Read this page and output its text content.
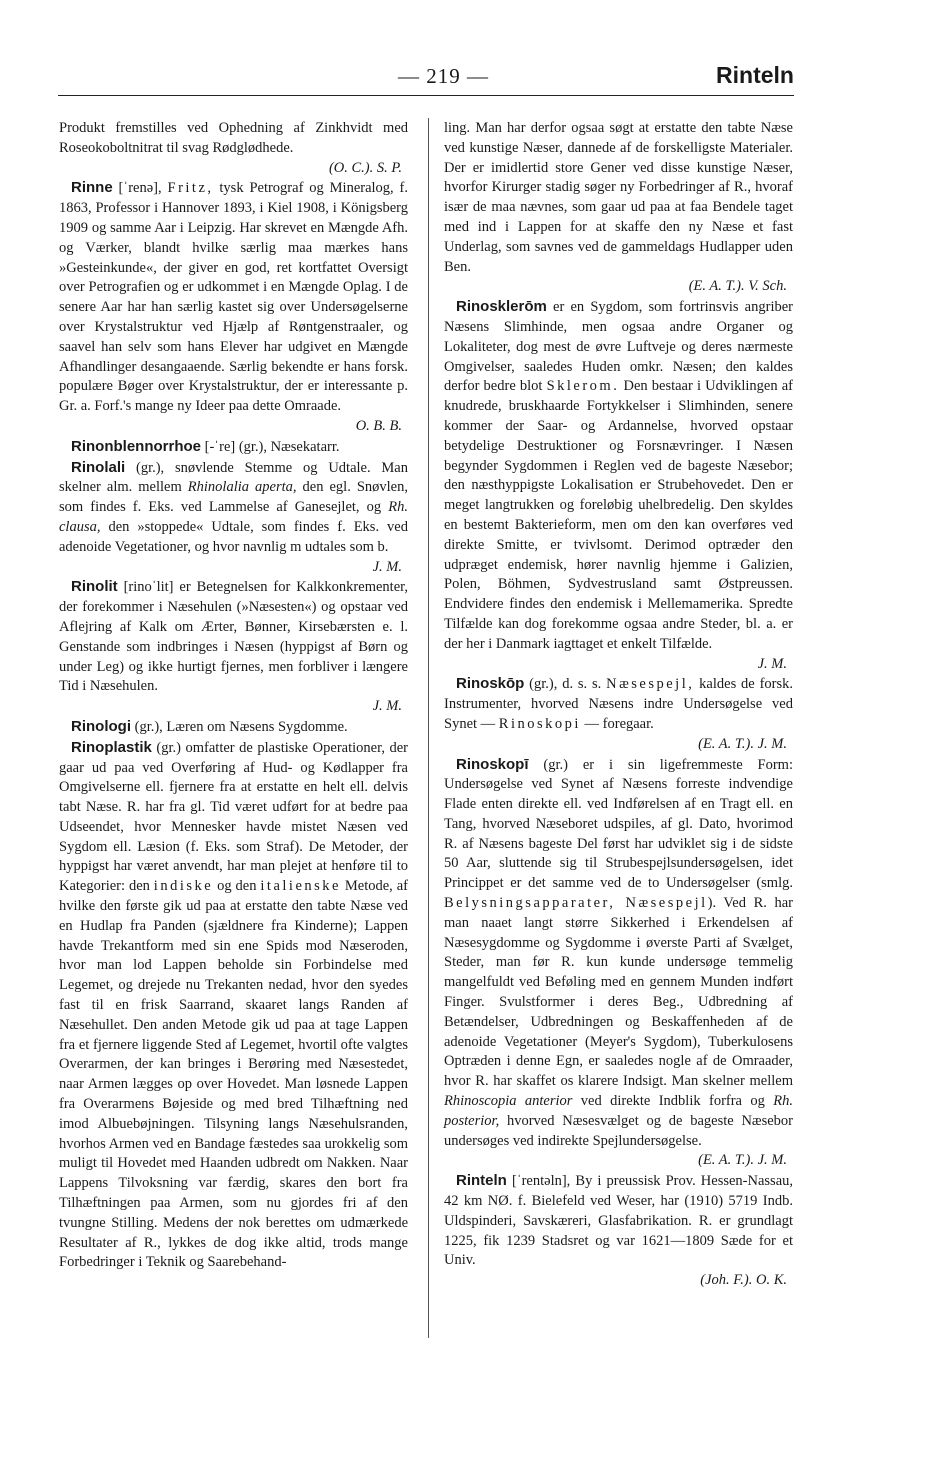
— 219 —	Rinteln

Produkt fremstilles ved Ophedning af Zinkhvidt med Roseokoboltnitrat til svag Rødglødhede.
(O. C.). S. P.

Rinne [ˈrenə], Fritz, tysk Petrograf og Mineralog, f. 1863, Professor i Hannover 1893, i Kiel 1908, i Königsberg 1909 og samme Aar i Leipzig. Har skrevet en Mængde Afh. og Værker, blandt hvilke særlig maa mærkes hans »Gesteinkunde«, der giver en god, ret kortfattet Oversigt over Petrografien og er udkommet i en Mængde Oplag. I de senere Aar har han særlig kastet sig over Undersøgelserne over Krystalstruktur ved Hjælp af Røntgenstraaler, og saavel han selv som hans Elever har udgivet en Mængde Afhandlinger desangaaende. Særlig bekendte er hans forsk. populære Bøger over Krystalstruktur, der er interessante p. Gr. a. Forf.'s mange ny Ideer paa dette Omraade.
O. B. B.

Rinonblennorrhoe [-ˈre] (gr.), Næsekatarr.

Rinolali (gr.), snøvlende Stemme og Udtale. Man skelner alm. mellem Rhinolalia aperta, den egl. Snøvlen, som findes f. Eks. ved Lammelse af Ganesejlet, og Rh. clausa, den »stoppede« Udtale, som findes f. Eks. ved adenoide Vegetationer, og hvor navnlig m udtales som b.
J. M.

Rinolit [rinoˈlit] er Betegnelsen for Kalkkonkrementer, der forekommer i Næsehulen (»Næsesten«) og opstaar ved Aflejring af Kalk om Ærter, Bønner, Kirsebærsten e. l. Genstande som indbringes i Næsen (hyppigst af Børn og under Leg) og ikke hurtigt fjernes, men forbliver i længere Tid i Næsehulen.
J. M.

Rinologi (gr.), Læren om Næsens Sygdomme.

Rinoplastik (gr.) omfatter de plastiske Operationer, der gaar ud paa ved Overføring af Hud- og Kødlapper fra Omgivelserne ell. fjernere fra at erstatte en helt ell. delvis tabt Næse. R. har fra gl. Tid været udført for at bedre paa Udseendet, hvor Mennesker havde mistet Næsen ved Sygdom ell. Læsion (f. Eks. som Straf). De Metoder, der hyppigst har været anvendt, har man plejet at henføre til to Kategorier: den indiske og den italienske Metode, af hvilke den første gik ud paa at erstatte den tabte Næse ved en Hudlap fra Panden (sjældnere fra Kinderne); Lappen havde Trekantform med sin ene Spids mod Næseroden, hvor man lod Lappen beholde sin Forbindelse med Legemet, og drejede nu Trekanten nedad, hvor den syedes fast til en frisk Saarrand, skaaret langs Randen af Næsehullet. Den anden Metode gik ud paa at tage Lappen fra et fjernere liggende Sted af Legemet, hvortil ofte valgtes Overarmen, der kan bringes i Berøring med Næsestedet, naar Armen lægges op over Hovedet. Man løsnede Lappen fra Overarmens Bøjeside og med bred Tilhæftning ned imod Albuebøjningen. Tilsyning langs Næsehulsranden, hvorhos Armen ved en Bandage fæstedes saa urokkelig som muligt til Hovedet med Haanden udbredt om Nakken. Naar Lappens Tilvoksning var færdig, skares den bort fra Tilhæftningen paa Armen, som nu gjordes fri af den tvungne Stilling. Medens der nok berettes om udmærkede Resultater af R., lykkes de dog ikke altid, trods mange Forbedringer i Teknik og Saarebehand-

ling. Man har derfor ogsaa søgt at erstatte den tabte Næse ved kunstige Næser, dannede af de forskelligste Materialer. Der er imidlertid store Gener ved disse kunstige Næser, hvorfor Kirurger stadig søger ny Forbedringer af R., hvoraf især de maa nævnes, som gaar ud paa at faa Bendele taget med ind i Lappen for at skaffe den ny Næse et fast Underlag, som savnes ved de gammeldags Hudlapper uden Ben.
(E. A. T.). V. Sch.

Rinosklerōm er en Sygdom, som fortrinsvis angriber Næsens Slimhinde, men ogsaa andre Organer og Lokaliteter, dog mest de øvre Luftveje og deres nærmeste Omgivelser, saaledes Huden omkr. Næsen; den kaldes derfor bedre blot Sklerom. Den bestaar i Udviklingen af knudrede, bruskhaarde Fortykkelser i Slimhinden, senere kommer der Saar- og Ardannelse, hvorved opstaar betydelige Destruktioner og Forsnævringer. I Næsen begynder Sygdommen i Reglen ved de bageste Næsebor; den næsthyppigste Lokalisation er Strubehovedet. Den er meget langtrukken og foreløbig uhelbredelig. Den skyldes en bestemt Bakterieform, men om den kan overføres ved direkte Smitte, er tvivlsomt. Derimod optræder den udpræget endemisk, hører navnlig hjemme i Galizien, Polen, Böhmen, Sydvestrusland samt Østpreussen. Endvidere findes den endemisk i Mellemamerika. Spredte Tilfælde kan dog forekomme ogsaa andre Steder, bl. a. er der her i Danmark iagttaget et enkelt Tilfælde.
J. M.

Rinoskōp (gr.), d. s. s. Næsespejl, kaldes de forsk. Instrumenter, hvorved Næsens indre Undersøgelse ved Synet — Rinoskopi — foregaar.
(E. A. T.). J. M.

Rinoskopī (gr.) er i sin ligefremmeste Form: Undersøgelse ved Synet af Næsens forreste indvendige Flade enten direkte ell. ved Indførelsen af en Tragt ell. en Tang, hvorved Næseboret udspiles, af gl. Dato, hvorimod R. af Næsens bageste Del først har udviklet sig i de sidste 50 Aar, sluttende sig til Strubespejlsundersøgelsen, idet Princippet er det samme ved de to Undersøgelser (smlg. Belysningsapparater, Næsespejl). Ved R. har man naaet langt større Sikkerhed i Erkendelsen af Næsesygdomme og Sygdomme i øverste Parti af Svælget, Steder, man før R. kun kunde undersøge temmelig mangelfuldt ved Beføling med en gennem Munden indført Finger. Svulstformer i deres Beg., Udbredning af Betændelser, Udbredningen og Beskaffenheden af de adenoide Vegetationer (Meyer's Sygdom), Tuberkulosens Optræden i denne Egn, er saaledes nogle af de Omraader, hvor R. har skaffet os klarere Indsigt. Man skelner mellem Rhinoscopia anterior ved direkte Indblik forfra og Rh. posterior, hvorved Næsesvælget og de bageste Næsebor undersøges ved indirekte Spejlundersøgelse.
(E. A. T.). J. M.

Rinteln [ˈrentəln], By i preussisk Prov. Hessen-Nassau, 42 km NØ. f. Bielefeld ved Weser, har (1910) 5719 Indb. Uldspinderi, Savskæreri, Glasfabrikation. R. er grundlagt 1225, fik 1239 Stadsret og var 1621—1809 Sæde for et Univ.
(Joh. F.). O. K.
